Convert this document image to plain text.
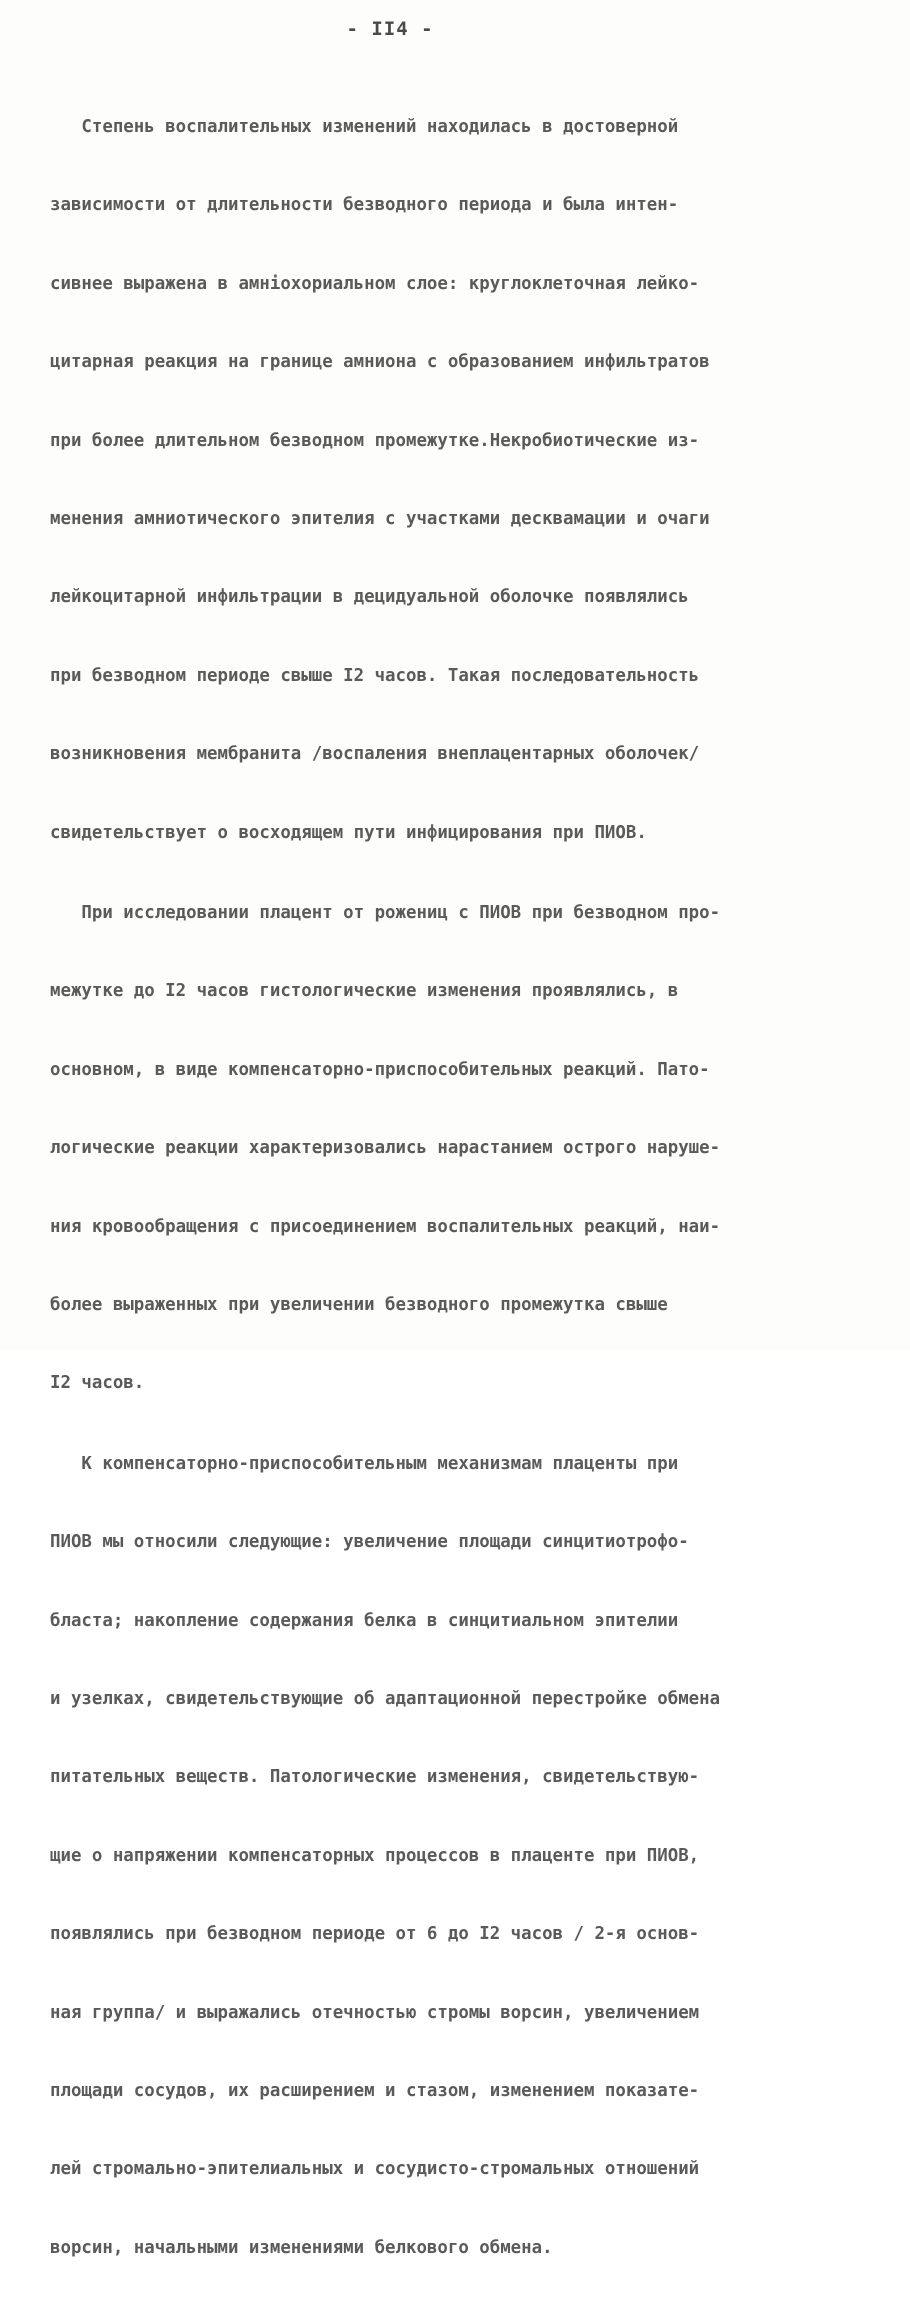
- II4 -

Степень воспалительных изменений находилась в достоверной

зависимости от длительности безводного периода и была интен-

сивнее выражена в амнiохориальном слое: круглоклеточная лейко-

цитарная реакция на границе амниона с образованием инфильтратов

при более длительном безводном промежутке.Некробиотические из-

менения амниотического эпителия с участками десквамации и очаги

лейкоцитарной инфильтрации в децидуальной оболочке появлялись

при безводном периоде свыше I2 часов. Такая последовательность

возникновения мембранита /воспаления внеплацентарных оболочек/

свидетельствует о восходящем пути инфицирования при ПИОВ.

При исследовании плацент от рожениц с ПИОВ при безводном про-

межутке до I2 часов гистологические изменения проявлялись, в

основном, в виде компенсаторно-приспособительных реакций. Пато-

логические реакции характеризовались нарастанием острого наруше-

ния кровообращения с присоединением воспалительных реакций, наи-

более выраженных при увеличении безводного промежутка свыше

I2 часов.

К компенсаторно-приспособительным механизмам плаценты при

ПИОВ мы относили следующие: увеличение площади синцитиотрофо-

бласта; накопление содержания белка в синцитиальном эпителии

и узелках, свидетельствующие об адаптационной перестройке обмена

питательных веществ. Патологические изменения, свидетельствую-

щие о напряжении компенсаторных процессов в плаценте при ПИОВ,

появлялись при безводном периоде от 6 до I2 часов / 2-я основ-

ная группа/ и выражались отечностью стромы ворсин, увеличением

площади сосудов, их расширением и стазом, изменением показате-

лей стромально-эпителиальных и сосудисто-стромальных отношений

ворсин, начальными изменениями белкового обмена.
